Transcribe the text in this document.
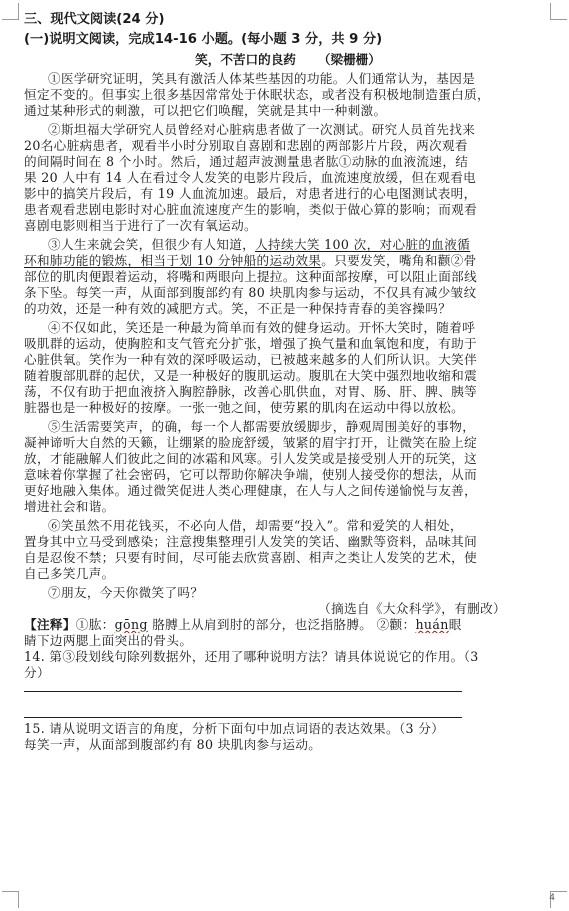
三、现代文阅读(24 分)
(一)说明文阅读，完成14-16 小题。(每小题 3 分，共 9 分)
笑，不苦口的良药 （梁栅栅）
①医学研究证明，笑具有激活人体某些基因的功能。人们通常认为，基因是
恒定不变的。但事实上很多基因常常处于休眠状态，或者没有积极地制造蛋白质，
通过某种形式的刺激，可以把它们唤醒，笑就是其中一种刺激。
②斯坦福大学研究人员曾经对心脏病患者做了一次测试。研究人员首先找来
20名心脏病患者，观看半小时分别取自喜剧和悲剧的两部影片片段，两次观看
的间隔时间在 8 个小时。然后，通过超声波测量患者肱①动脉的血液流速，结
果 20 人中有 14 人在看过令人发笑的电影片段后，血流速度放缓，但在观看电
影中的搞笑片段后，有 19 人血流加速。最后，对患者进行的心电图测试表明，
患者观看悲剧电影时对心脏血流速度产生的影响，类似于做心算的影响；而观看
喜剧电影则相当于进行了一次有氧运动。
③人生来就会笑，但很少有人知道，人持续大笑 100 次，对心脏的血液循
环和肺功能的锻炼，相当于划 10 分钟船的运动效果。只要发笑，嘴角和颧②骨
部位的肌肉便跟着运动，将嘴和两眼向上提拉。这种面部按摩，可以阻止面部线
条下坠。每笑一声，从面部到腹部约有 80 块肌肉参与运动，不仅具有减少皱纹
的功效，还是一种有效的减肥方式。笑，不正是一种保持青春的美容操吗？
④不仅如此，笑还是一种最为简单而有效的健身运动。开怀大笑时，随着呼
吸肌群的运动，使胸腔和支气管充分扩张，增强了换气量和血氧饱和度，有助于
心脏供氧。笑作为一种有效的深呼吸运动，已被越来越多的人们所认识。大笑伴
随着腹部肌群的起伏，又是一种极好的腹肌运动。腹肌在大笑中强烈地收缩和震
荡，不仅有助于把血液挤入胸腔静脉，改善心肌供血，对胃、肠、肝、脾、胰等
脏器也是一种极好的按摩。一张一弛之间，使劳累的肌肉在运动中得以放松。
⑤生活需要笑声，的确，每一个人都需要放缓脚步，静观周围美好的事物，
凝神谛听大自然的天籁，让绷紧的脸庞舒缓，皱紧的眉宇打开，让微笑在脸上绽
放，才能融解人们彼此之间的冰霜和风寒。引人发笑或是接受别人开的玩笑，这
意味着你掌握了社会密码，它可以帮助你解决争端，使别人接受你的想法，从而
更好地融入集体。通过微笑促进人类心理健康，在人与人之间传递愉悦与友善，
增进社会和谐。
⑥笑虽然不用花钱买，不必向人借，却需要“投入”。常和爱笑的人相处，
置身其中立马受到感染；注意搜集整理引人发笑的笑话、幽默等资料，品味其间
自是忍俊不禁；只要有时间，尽可能去欣赏喜剧、相声之类让人发笑的艺术，使
自己多笑几声。
⑦朋友，今天你微笑了吗？
（摘选自《大众科学》，有删改）
【注释】①肱：gōng 胳膊上从肩到肘的部分，也泛指胳膊。 ②颧：huán眼
睛下边两腮上面突出的骨头。
14. 第③段划线句除列数据外，还用了哪种说明方法？请具体说说它的作用。（3
分）
15. 请从说明文语言的角度，分析下面句中加点词语的表达效果。（3 分）
每笑一声，从面部到腹部约有 80 块肌肉参与运动。
4
